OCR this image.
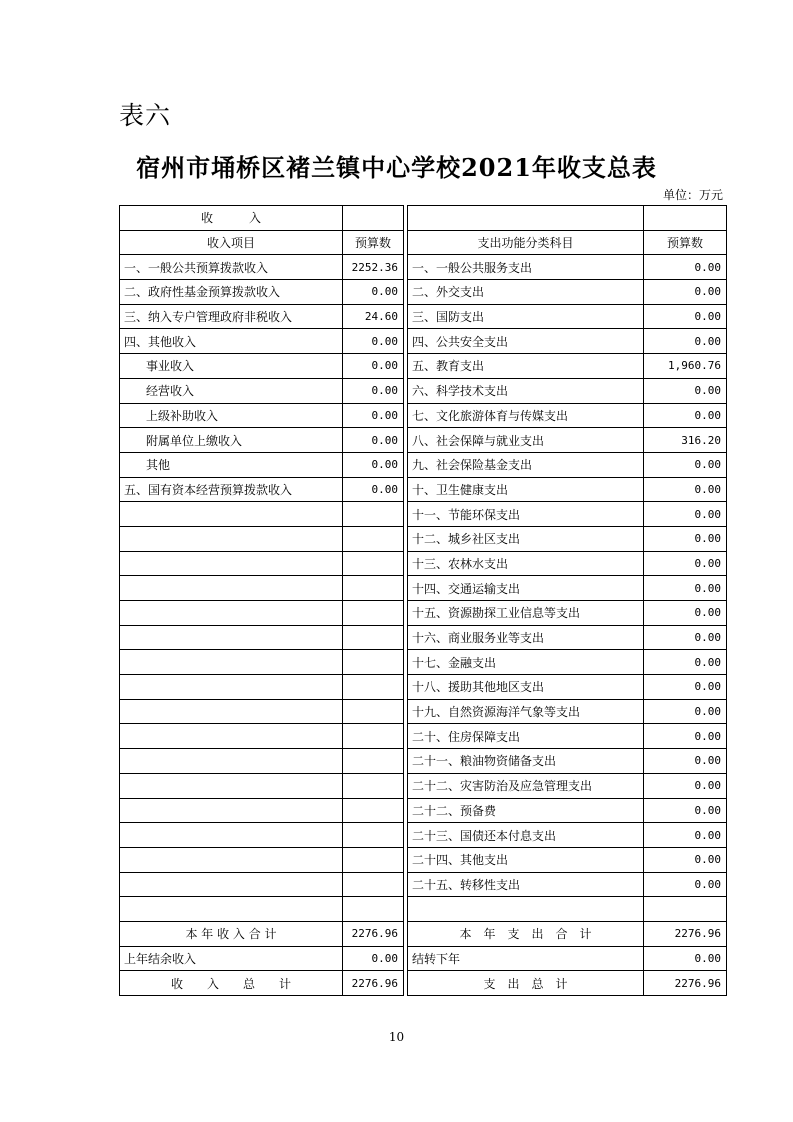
表六
宿州市埇桥区褚兰镇中心学校2021年收支总表
单位：万元
收　　　入				
收入项目	预算数		支出功能分类科目	预算数
一、一般公共预算拨款收入	2252.36		一、一般公共服务支出	0.00
二、政府性基金预算拨款收入	0.00		二、外交支出	0.00
三、纳入专户管理政府非税收入	24.60		三、国防支出	0.00
四、其他收入	0.00		四、公共安全支出	0.00
事业收入	0.00		五、教育支出	1,960.76
经营收入	0.00		六、科学技术支出	0.00
上级补助收入	0.00		七、文化旅游体育与传媒支出	0.00
附属单位上缴收入	0.00		八、社会保障与就业支出	316.20
其他	0.00		九、社会保险基金支出	0.00
五、国有资本经营预算拨款收入	0.00		十、卫生健康支出	0.00
			十一、节能环保支出	0.00
			十二、城乡社区支出	0.00
			十三、农林水支出	0.00
			十四、交通运输支出	0.00
			十五、资源勘探工业信息等支出	0.00
			十六、商业服务业等支出	0.00
			十七、金融支出	0.00
			十八、援助其他地区支出	0.00
			十九、自然资源海洋气象等支出	0.00
			二十、住房保障支出	0.00
			二十一、粮油物资储备支出	0.00
			二十二、灾害防治及应急管理支出	0.00
			二十二、预备费	0.00
			二十三、国债还本付息支出	0.00
			二十四、其他支出	0.00
			二十五、转移性支出	0.00

本 年 收 入 合 计	2276.96		本　年　支　出　合　计	2276.96
上年结余收入	0.00		结转下年	0.00
收　　入　　总　　计	2276.96		支　出　总　计	2276.96
10
